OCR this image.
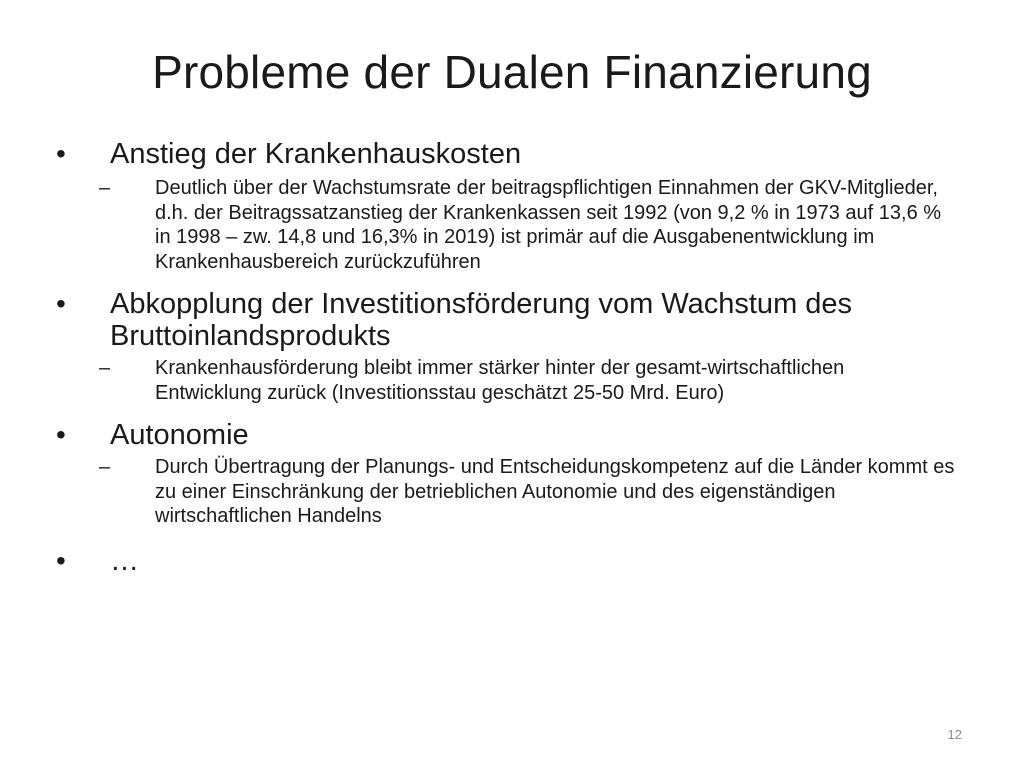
Probleme der Dualen Finanzierung
•	Anstieg der Krankenhauskosten
– Deutlich über der Wachstumsrate der beitragspflichtigen Einnahmen der GKV-Mitglieder, d.h. der Beitragssatzanstieg der Krankenkassen seit 1992 (von 9,2 % in 1973 auf 13,6 % in 1998 – zw. 14,8 und 16,3% in 2019) ist primär auf die Ausgabenentwicklung im Krankenhausbereich zurückzuführen
•	Abkopplung der Investitionsförderung vom Wachstum des Bruttoinlandsprodukts
– Krankenhausförderung bleibt immer stärker hinter der gesamt-wirtschaftlichen Entwicklung zurück (Investitionsstau geschätzt 25-50 Mrd. Euro)
•	Autonomie
– Durch Übertragung der Planungs- und Entscheidungskompetenz auf die Länder kommt es zu einer Einschränkung der betrieblichen Autonomie und des eigenständigen wirtschaftlichen Handelns
•	…
12
